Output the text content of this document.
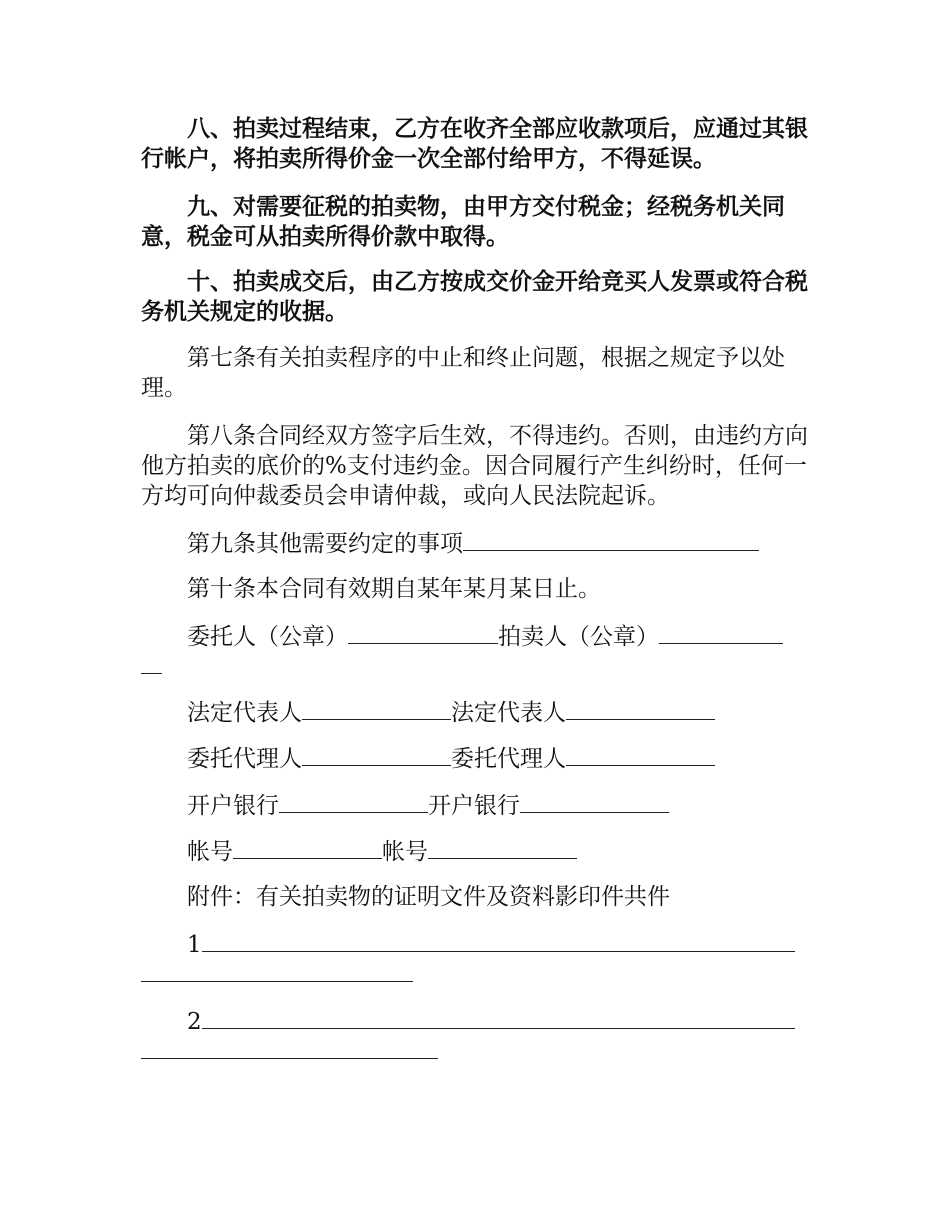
八、拍卖过程结束，乙方在收齐全部应收款项后，应通过其银行帐户，将拍卖所得价金一次全部付给甲方，不得延误。

九、对需要征税的拍卖物，由甲方交付税金；经税务机关同意，税金可从拍卖所得价款中取得。

十、拍卖成交后，由乙方按成交价金开给竞买人发票或符合税务机关规定的收据。

第七条有关拍卖程序的中止和终止问题，根据之规定予以处理。

第八条合同经双方签字后生效，不得违约。否则，由违约方向他方拍卖的底价的%支付违约金。因合同履行产生纠纷时，任何一方均可向仲裁委员会申请仲裁，或向人民法院起诉。

第九条其他需要约定的事项

第十条本合同有效期自某年某月某日止。

委托人（公章）	拍卖人（公章）

法定代表人	法定代表人

委托代理人	委托代理人

开户银行	开户银行

帐号	帐号

附件：有关拍卖物的证明文件及资料影印件共件

1

2
